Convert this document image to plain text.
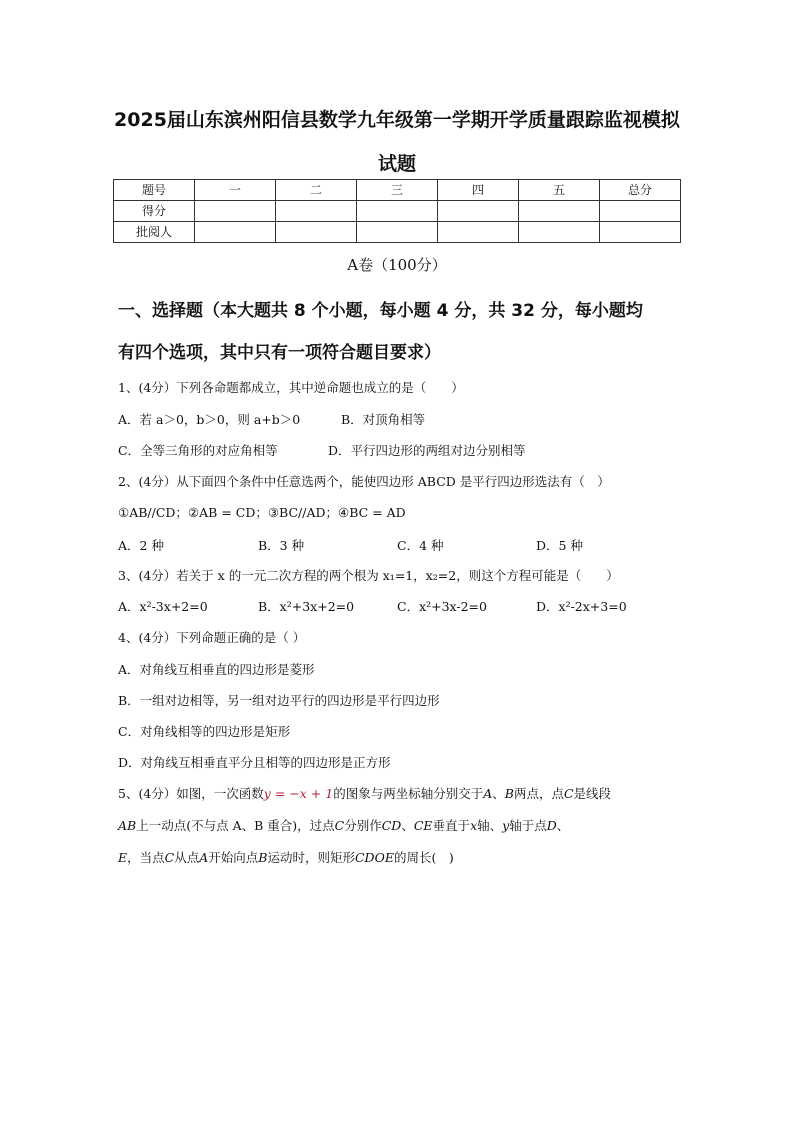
2025届山东滨州阳信县数学九年级第一学期开学质量跟踪监视模拟
试题
题号	一	二	三	四	五	总分
得分						
批阅人						
A卷（100分）
一、选择题（本大题共 8 个小题，每小题 4 分，共 32 分，每小题均
有四个选项，其中只有一项符合题目要求）
1、(4分）下列各命题都成立，其中逆命题也成立的是（　　）
A．若 a＞0，b＞0，则 a+b＞0	B．对顶角相等
C．全等三角形的对应角相等	D．平行四边形的两组对边分别相等
2、(4分）从下面四个条件中任意选两个，能使四边形 ABCD 是平行四边形选法有（　）
①AB//CD；②AB = CD；③BC//AD；④BC = AD
A．2 种	B．3 种	C．4 种	D．5 种
3、(4分）若关于 x 的一元二次方程的两个根为 x₁=1，x₂=2，则这个方程可能是（　　）
A．x²-3x+2=0	B．x²+3x+2=0	C．x²+3x-2=0	D．x²-2x+3=0
4、(4分）下列命题正确的是（ ）
A．对角线互相垂直的四边形是菱形
B．一组对边相等，另一组对边平行的四边形是平行四边形
C．对角线相等的四边形是矩形
D．对角线互相垂直平分且相等的四边形是正方形
5、(4分）如图，一次函数y = −x + 1的图象与两坐标轴分别交于A、B两点，点C是线段
AB上一动点(不与点 A、B 重合)，过点C分别作CD、CE垂直于x轴、y轴于点D、
E，当点C从点A开始向点B运动时，则矩形CDOE的周长(　)
